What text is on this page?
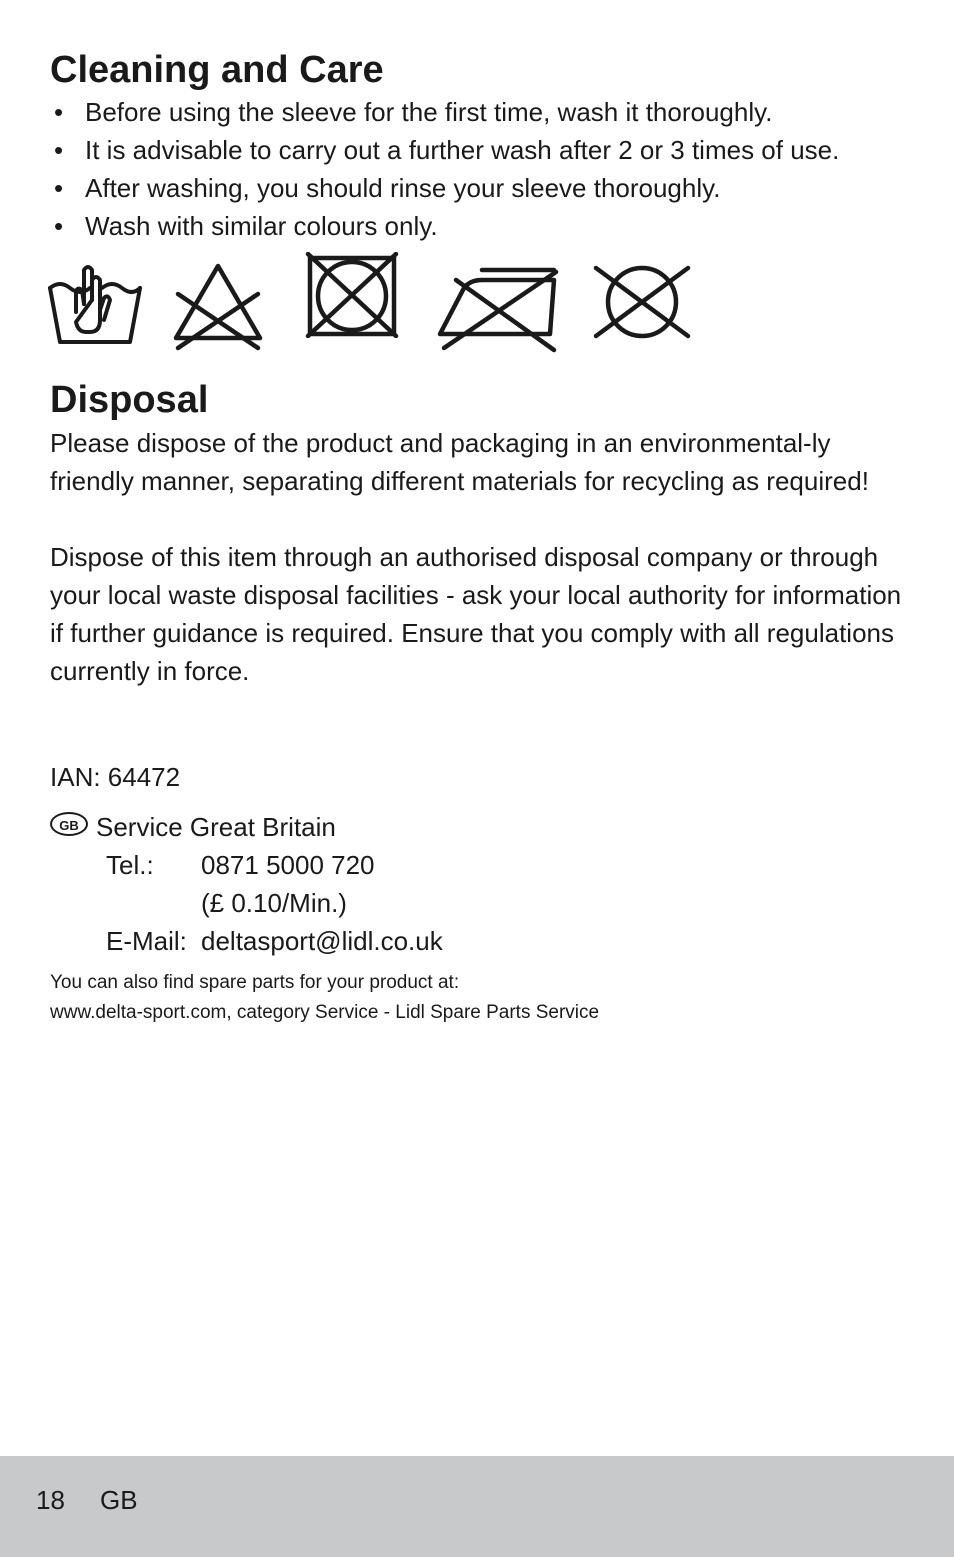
Cleaning and Care
• Before using the sleeve for the first time, wash it thoroughly.
• It is advisable to carry out a further wash after 2 or 3 times of use.
• After washing, you should rinse your sleeve thoroughly.
• Wash with similar colours only.
Disposal

Please dispose of the product and packaging in an environmental-ly friendly manner, separating different materials for recycling as required!

Dispose of this item through an authorised disposal company or through your local waste disposal facilities - ask your local authority for information if further guidance is required. Ensure that you comply with all regulations currently in force.

IAN: 64472
GB Service Great Britain
Tel.: 0871 5000 720
(£ 0.10/Min.)
E-Mail: deltasport@lidl.co.uk
You can also find spare parts for your product at:
www.delta-sport.com, category Service - Lidl Spare Parts Service
18 GB
